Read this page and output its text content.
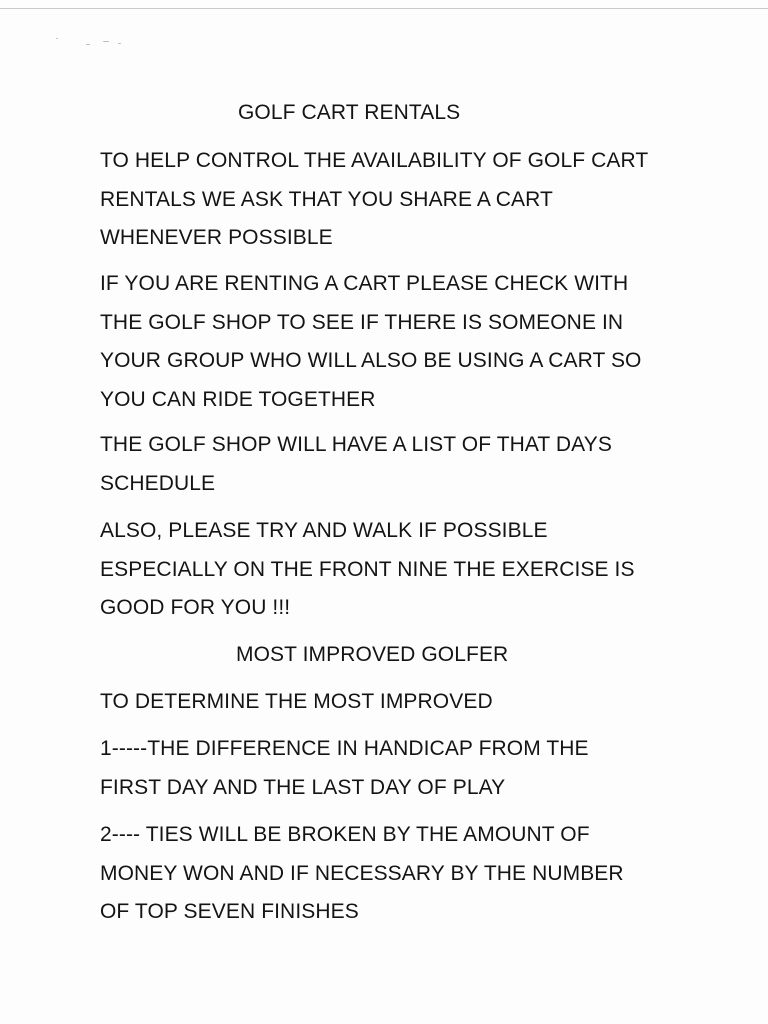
GOLF CART RENTALS
TO HELP CONTROL THE AVAILABILITY OF GOLF CART
RENTALS WE ASK THAT YOU SHARE A CART
WHENEVER POSSIBLE
IF YOU ARE RENTING A CART PLEASE CHECK WITH
THE GOLF SHOP TO SEE IF THERE IS SOMEONE IN
YOUR GROUP WHO WILL ALSO BE USING A CART SO
YOU CAN RIDE TOGETHER
THE GOLF SHOP WILL HAVE A LIST OF THAT DAYS
SCHEDULE
ALSO, PLEASE TRY AND WALK IF POSSIBLE
ESPECIALLY ON THE FRONT NINE THE EXERCISE IS
GOOD FOR YOU !!!
MOST IMPROVED GOLFER
TO DETERMINE THE MOST IMPROVED
1-----THE DIFFERENCE IN HANDICAP FROM THE
FIRST DAY AND THE LAST DAY OF PLAY
2---- TIES WILL BE BROKEN BY THE AMOUNT OF
MONEY WON AND IF NECESSARY BY THE NUMBER
OF TOP SEVEN FINISHES
